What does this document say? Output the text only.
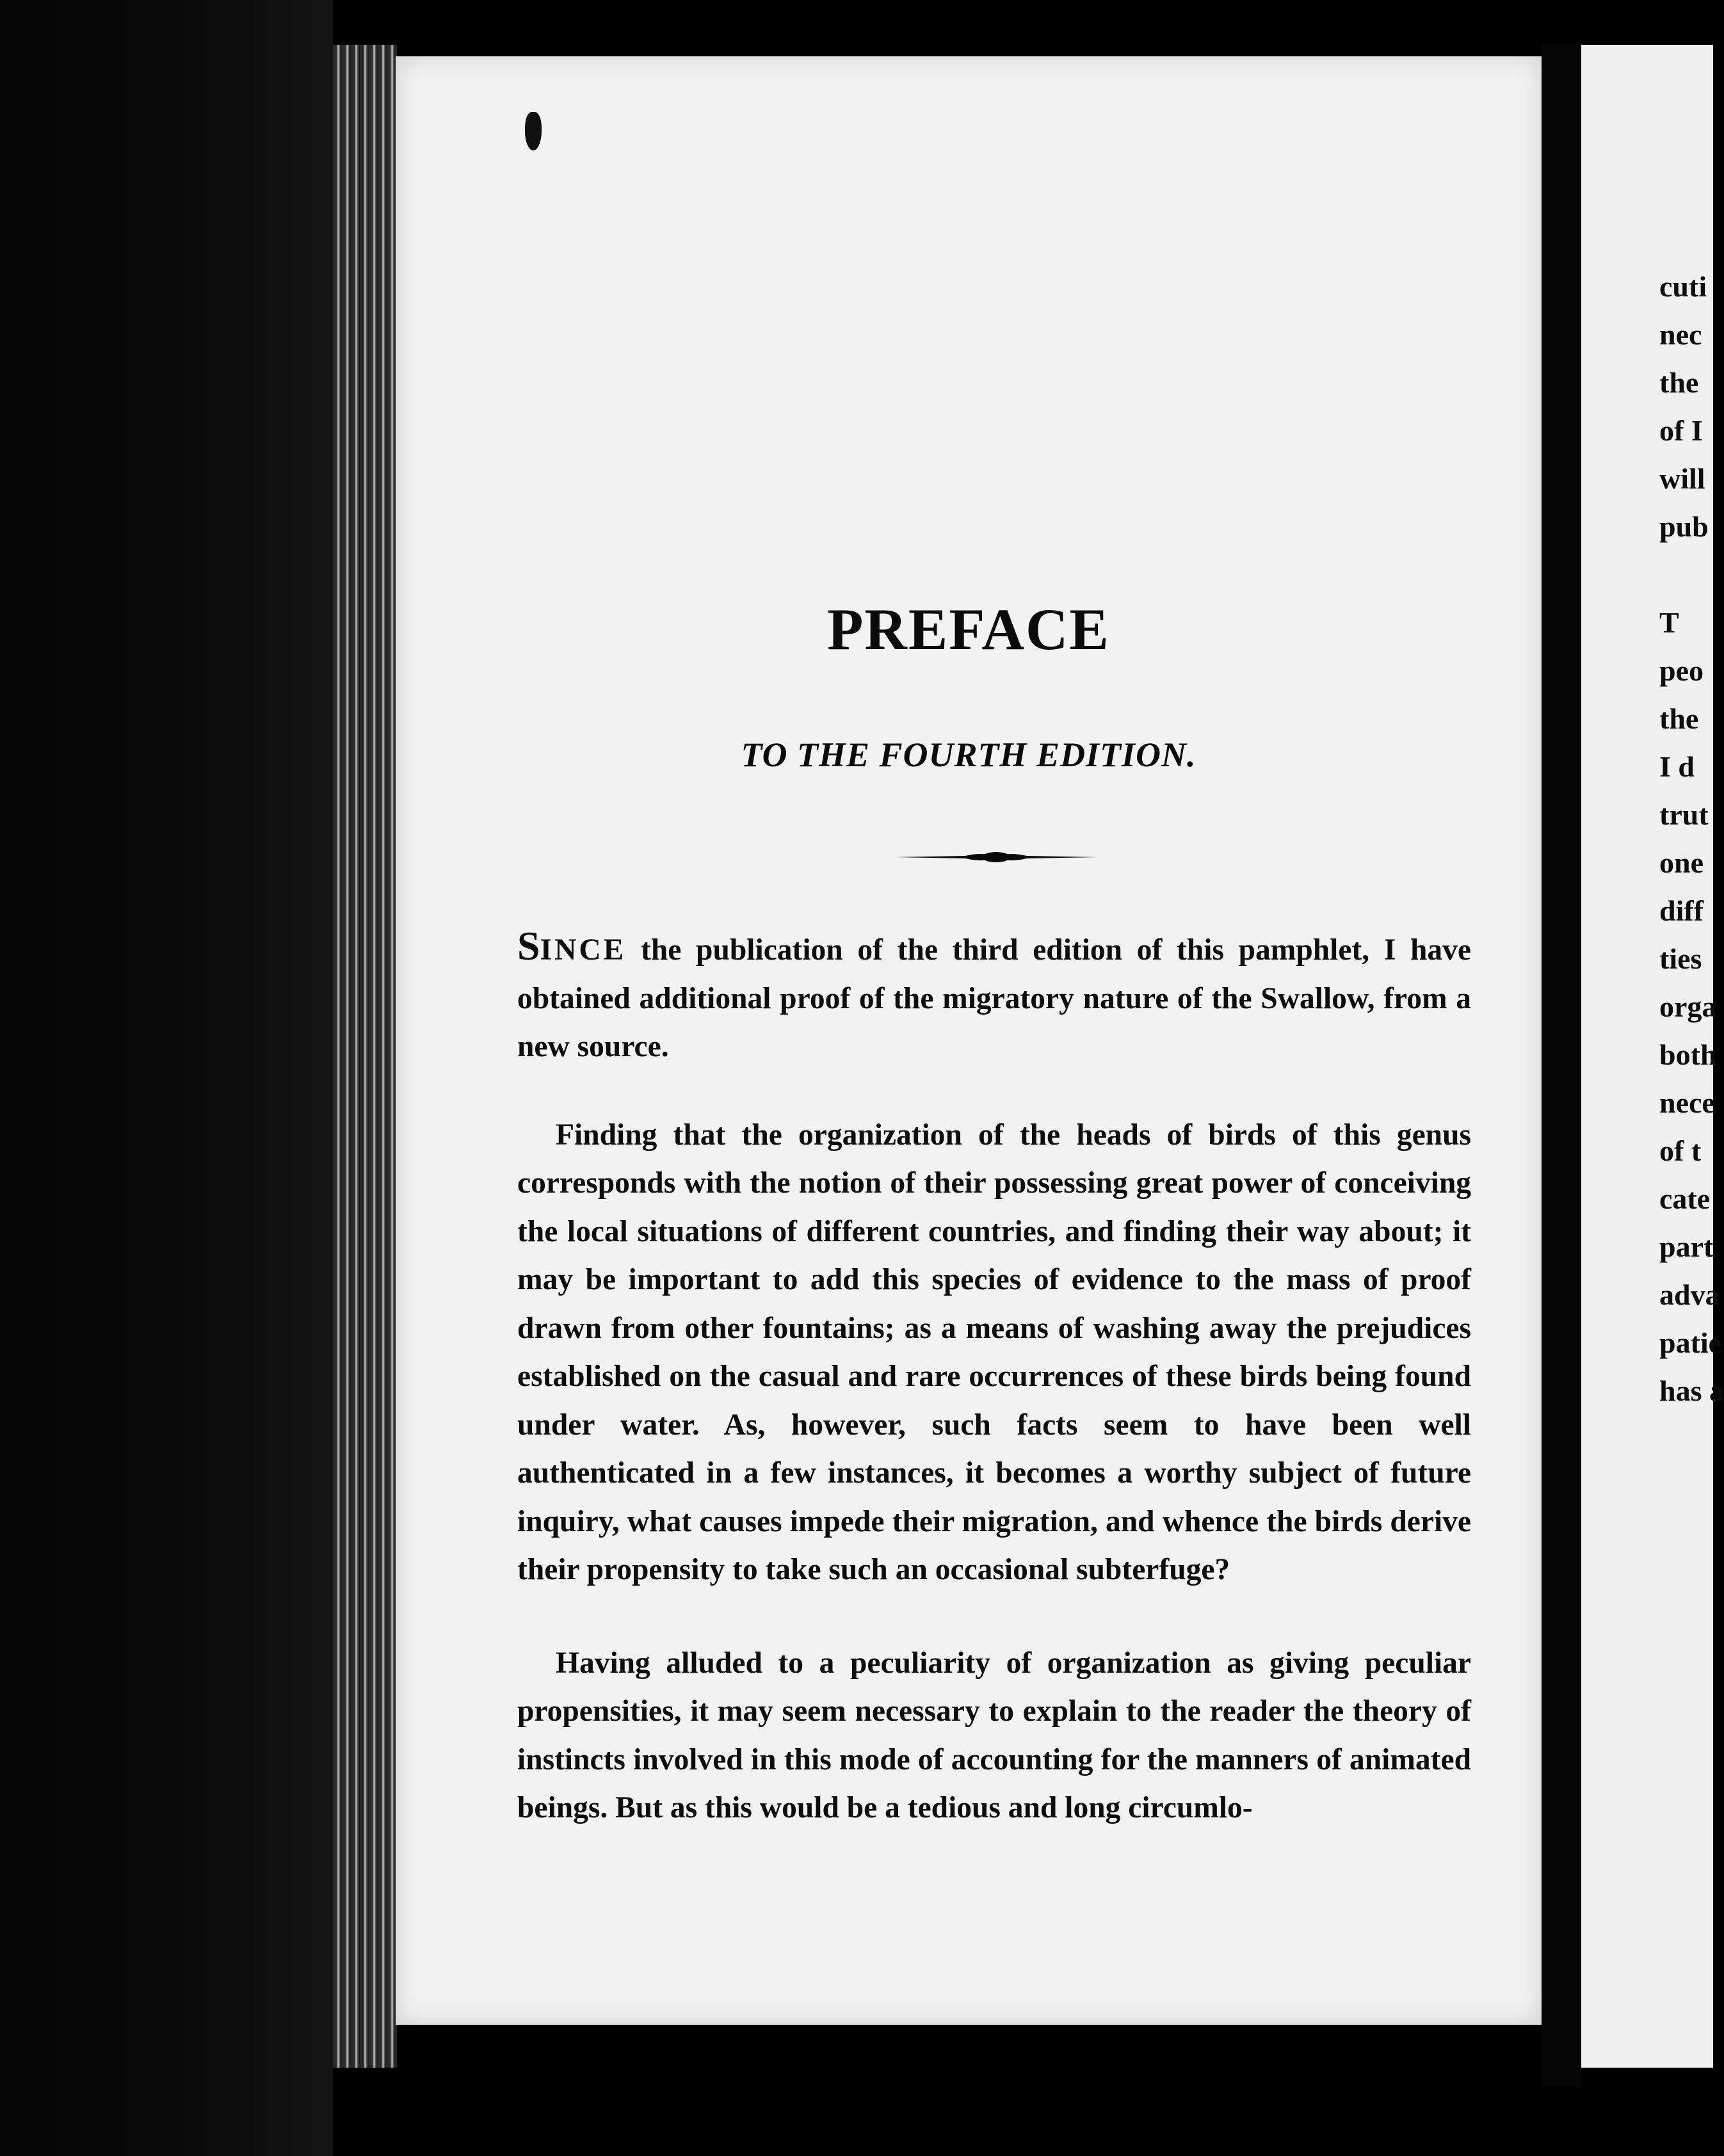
PREFACE
TO THE FOURTH EDITION.

SINCE the publication of the third edition of this pamphlet, I have obtained additional proof of the migratory nature of the Swallow, from a new source.

Finding that the organization of the heads of birds of this genus corresponds with the notion of their possessing great power of conceiving the local situations of different countries, and finding their way about; it may be important to add this species of evidence to the mass of proof drawn from other fountains; as a means of washing away the prejudices established on the casual and rare occurrences of these birds being found under water. As, however, such facts seem to have been well authenticated in a few instances, it becomes a worthy subject of future inquiry, what causes impede their migration, and whence the birds derive their propensity to take such an occasional subterfuge?

Having alluded to a peculiarity of organization as giving peculiar propensities, it may seem necessary to explain to the reader the theory of instincts involved in this mode of accounting for the manners of animated beings. But as this would be a tedious and long circumlo-

cuti
nec
the
of I
will
pub
T
peo
the
I d
trut
one
diff
ties
orga
both
nece
of t
cate
part
adva
patie
has a
